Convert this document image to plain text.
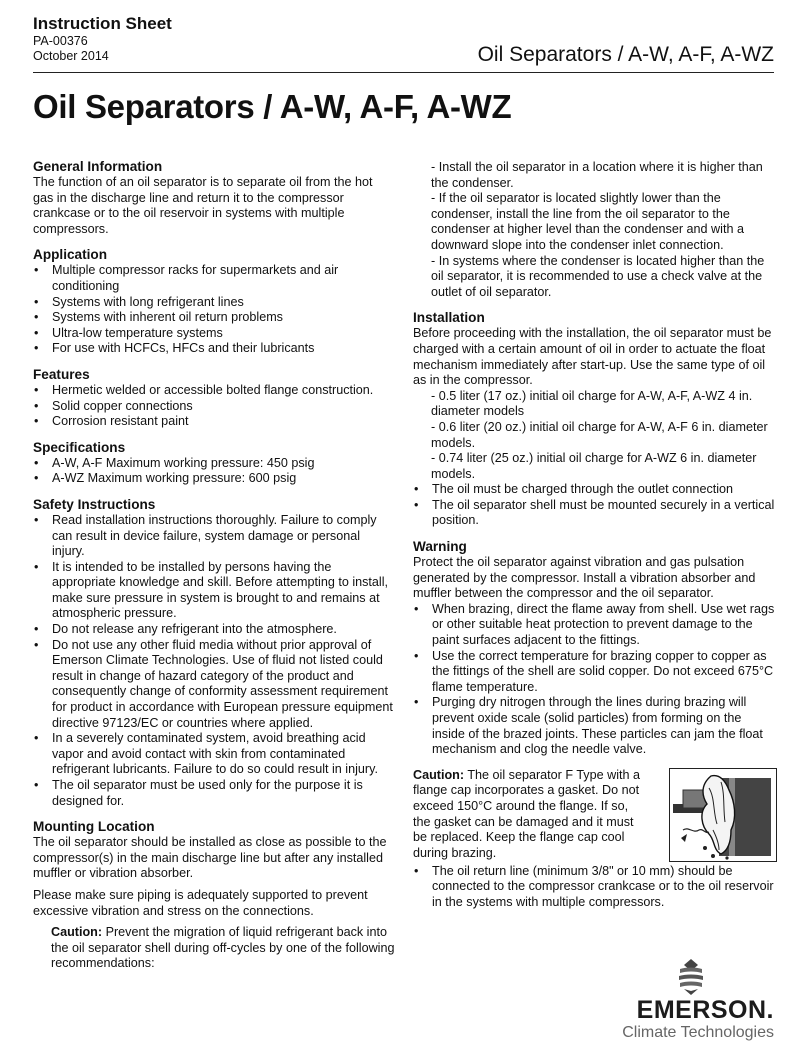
Instruction Sheet
PA-00376
October 2014	Oil Separators / A-W, A-F, A-WZ
Oil Separators / A-W, A-F, A-WZ
General Information

The function of an oil separator is to separate oil from the hot gas in the discharge line and return it to the compressor crankcase or to the oil reservoir in systems with multiple compressors.

Application
• Multiple compressor racks for supermarkets and air conditioning
• Systems with long refrigerant lines
• Systems with inherent oil return problems
• Ultra-low temperature systems
• For use with HCFCs, HFCs and their lubricants
Features
• Hermetic welded or accessible bolted flange construction.
• Solid copper connections
• Corrosion resistant paint
Specifications
• A-W, A-F Maximum working pressure: 450 psig
• A-WZ Maximum working pressure: 600 psig
Safety Instructions
• Read installation instructions thoroughly. Failure to comply can result in device failure, system damage or personal injury.
• It is intended to be installed by persons having the appropriate knowledge and skill. Before attempting to install, make sure pressure in system is brought to and remains at atmospheric pressure.
• Do not release any refrigerant into the atmosphere.
• Do not use any other fluid media without prior approval of Emerson Climate Technologies. Use of fluid not listed could result in change of hazard category of the product and consequently change of conformity assessment requirement for product in accordance with European pressure equipment directive 97123/EC or countries where applied.
• In a severely contaminated system, avoid breathing acid vapor and avoid contact with skin from contaminated refrigerant lubricants. Failure to do so could result in injury.
• The oil separator must be used only for the purpose it is designed for.
Mounting Location

The oil separator should be installed as close as possible to the compressor(s) in the main discharge line but after any installed muffler or vibration absorber.

Please make sure piping is adequately supported to prevent excessive vibration and stress on the connections.

Caution: Prevent the migration of liquid refrigerant back into the oil separator shell during off-cycles by one of the following recommendations:

- Install the oil separator in a location where it is higher than the condenser.

- If the oil separator is located slightly lower than the condenser, install the line from the oil separator to the condenser at higher level than the condenser and with a downward slope into the condenser inlet connection.

- In systems where the condenser is located higher than the oil separator, it is recommended to use a check valve at the outlet of oil separator.

Installation

Before proceeding with the installation, the oil separator must be charged with a certain amount of oil in order to actuate the float mechanism immediately after start-up. Use the same type of oil as in the compressor.

- 0.5 liter (17 oz.) initial oil charge for A-W, A-F, A-WZ 4 in. diameter models

- 0.6 liter (20 oz.) initial oil charge for A-W, A-F 6 in. diameter models.

- 0.74 liter (25 oz.) initial oil charge for A-WZ 6 in. diameter models.

• The oil must be charged through the outlet connection
• The oil separator shell must be mounted securely in a vertical position.
Warning

Protect the oil separator against vibration and gas pulsation generated by the compressor. Install a vibration absorber and muffler between the compressor and the oil separator.

• When brazing, direct the flame away from shell. Use wet rags or other suitable heat protection to prevent damage to the paint surfaces adjacent to the fittings.
• Use the correct temperature for brazing copper to copper as the fittings of the shell are solid copper. Do not exceed 675°C flame temperature.
• Purging dry nitrogen through the lines during brazing will prevent oxide scale (solid particles) from forming on the inside of the brazed joints. These particles can jam the float mechanism and clog the needle valve.

Caution: The oil separator F Type with a flange cap incorporates a gasket. Do not exceed 150°C around the flange. If so, the gasket can be damaged and it must be replaced. Keep the flange cap cool during brazing.

• The oil return line (minimum 3/8" or 10 mm) should be connected to the compressor crankcase or to the oil reservoir in the systems with multiple compressors.
EMERSON.
Climate Technologies
